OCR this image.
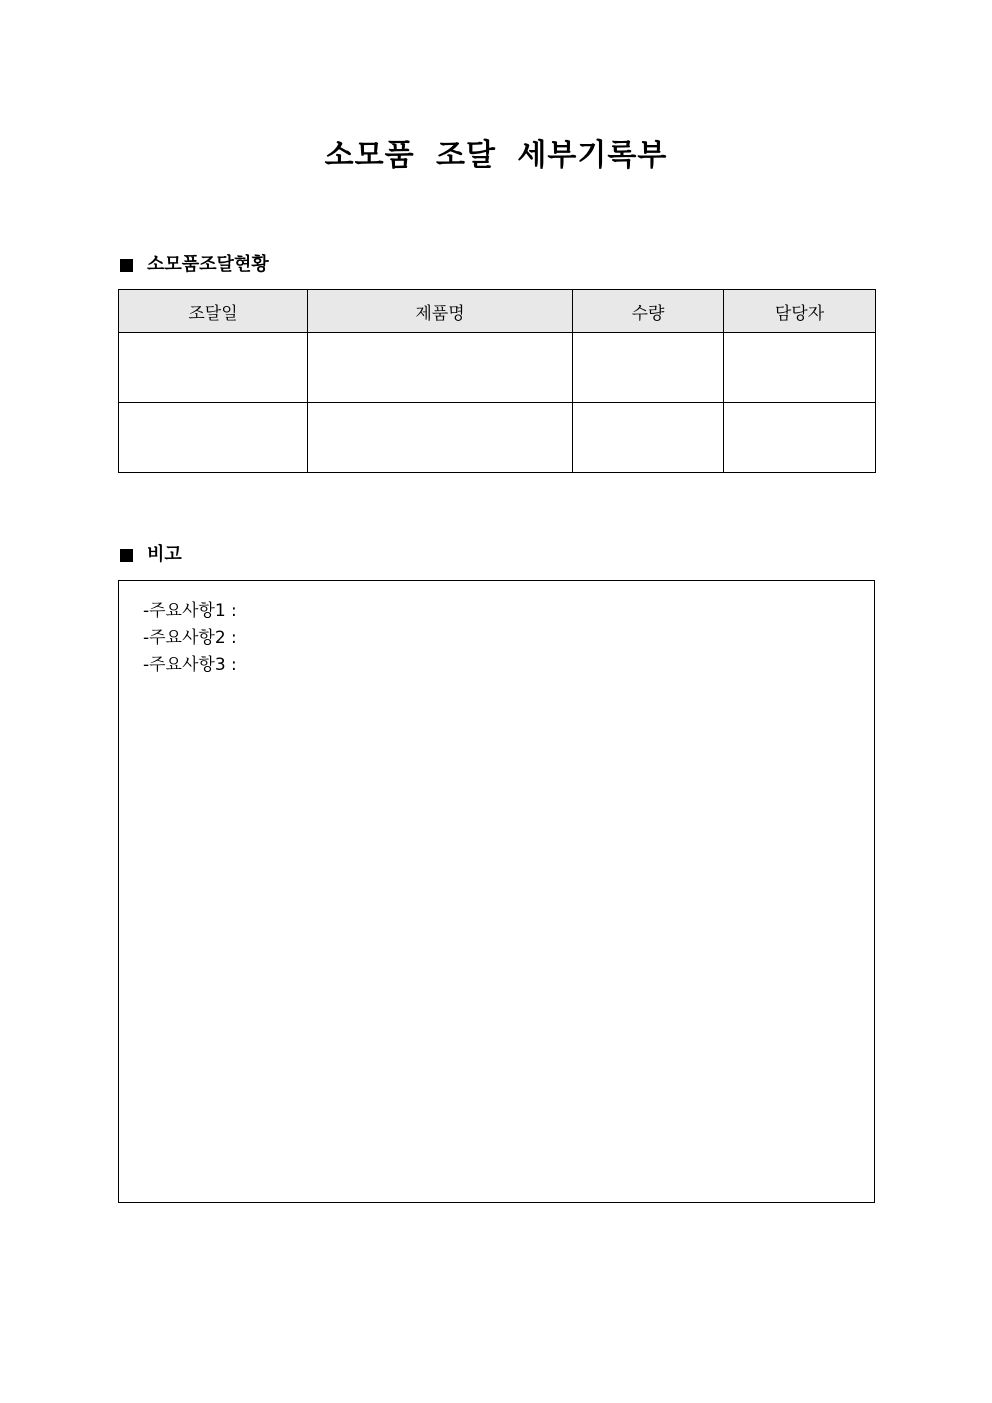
소모품 조달 세부기록부
소모품조달현황
조달일	제품명	수량	담당자

비고
-주요사항1 :
-주요사항2 :
-주요사항3 :
